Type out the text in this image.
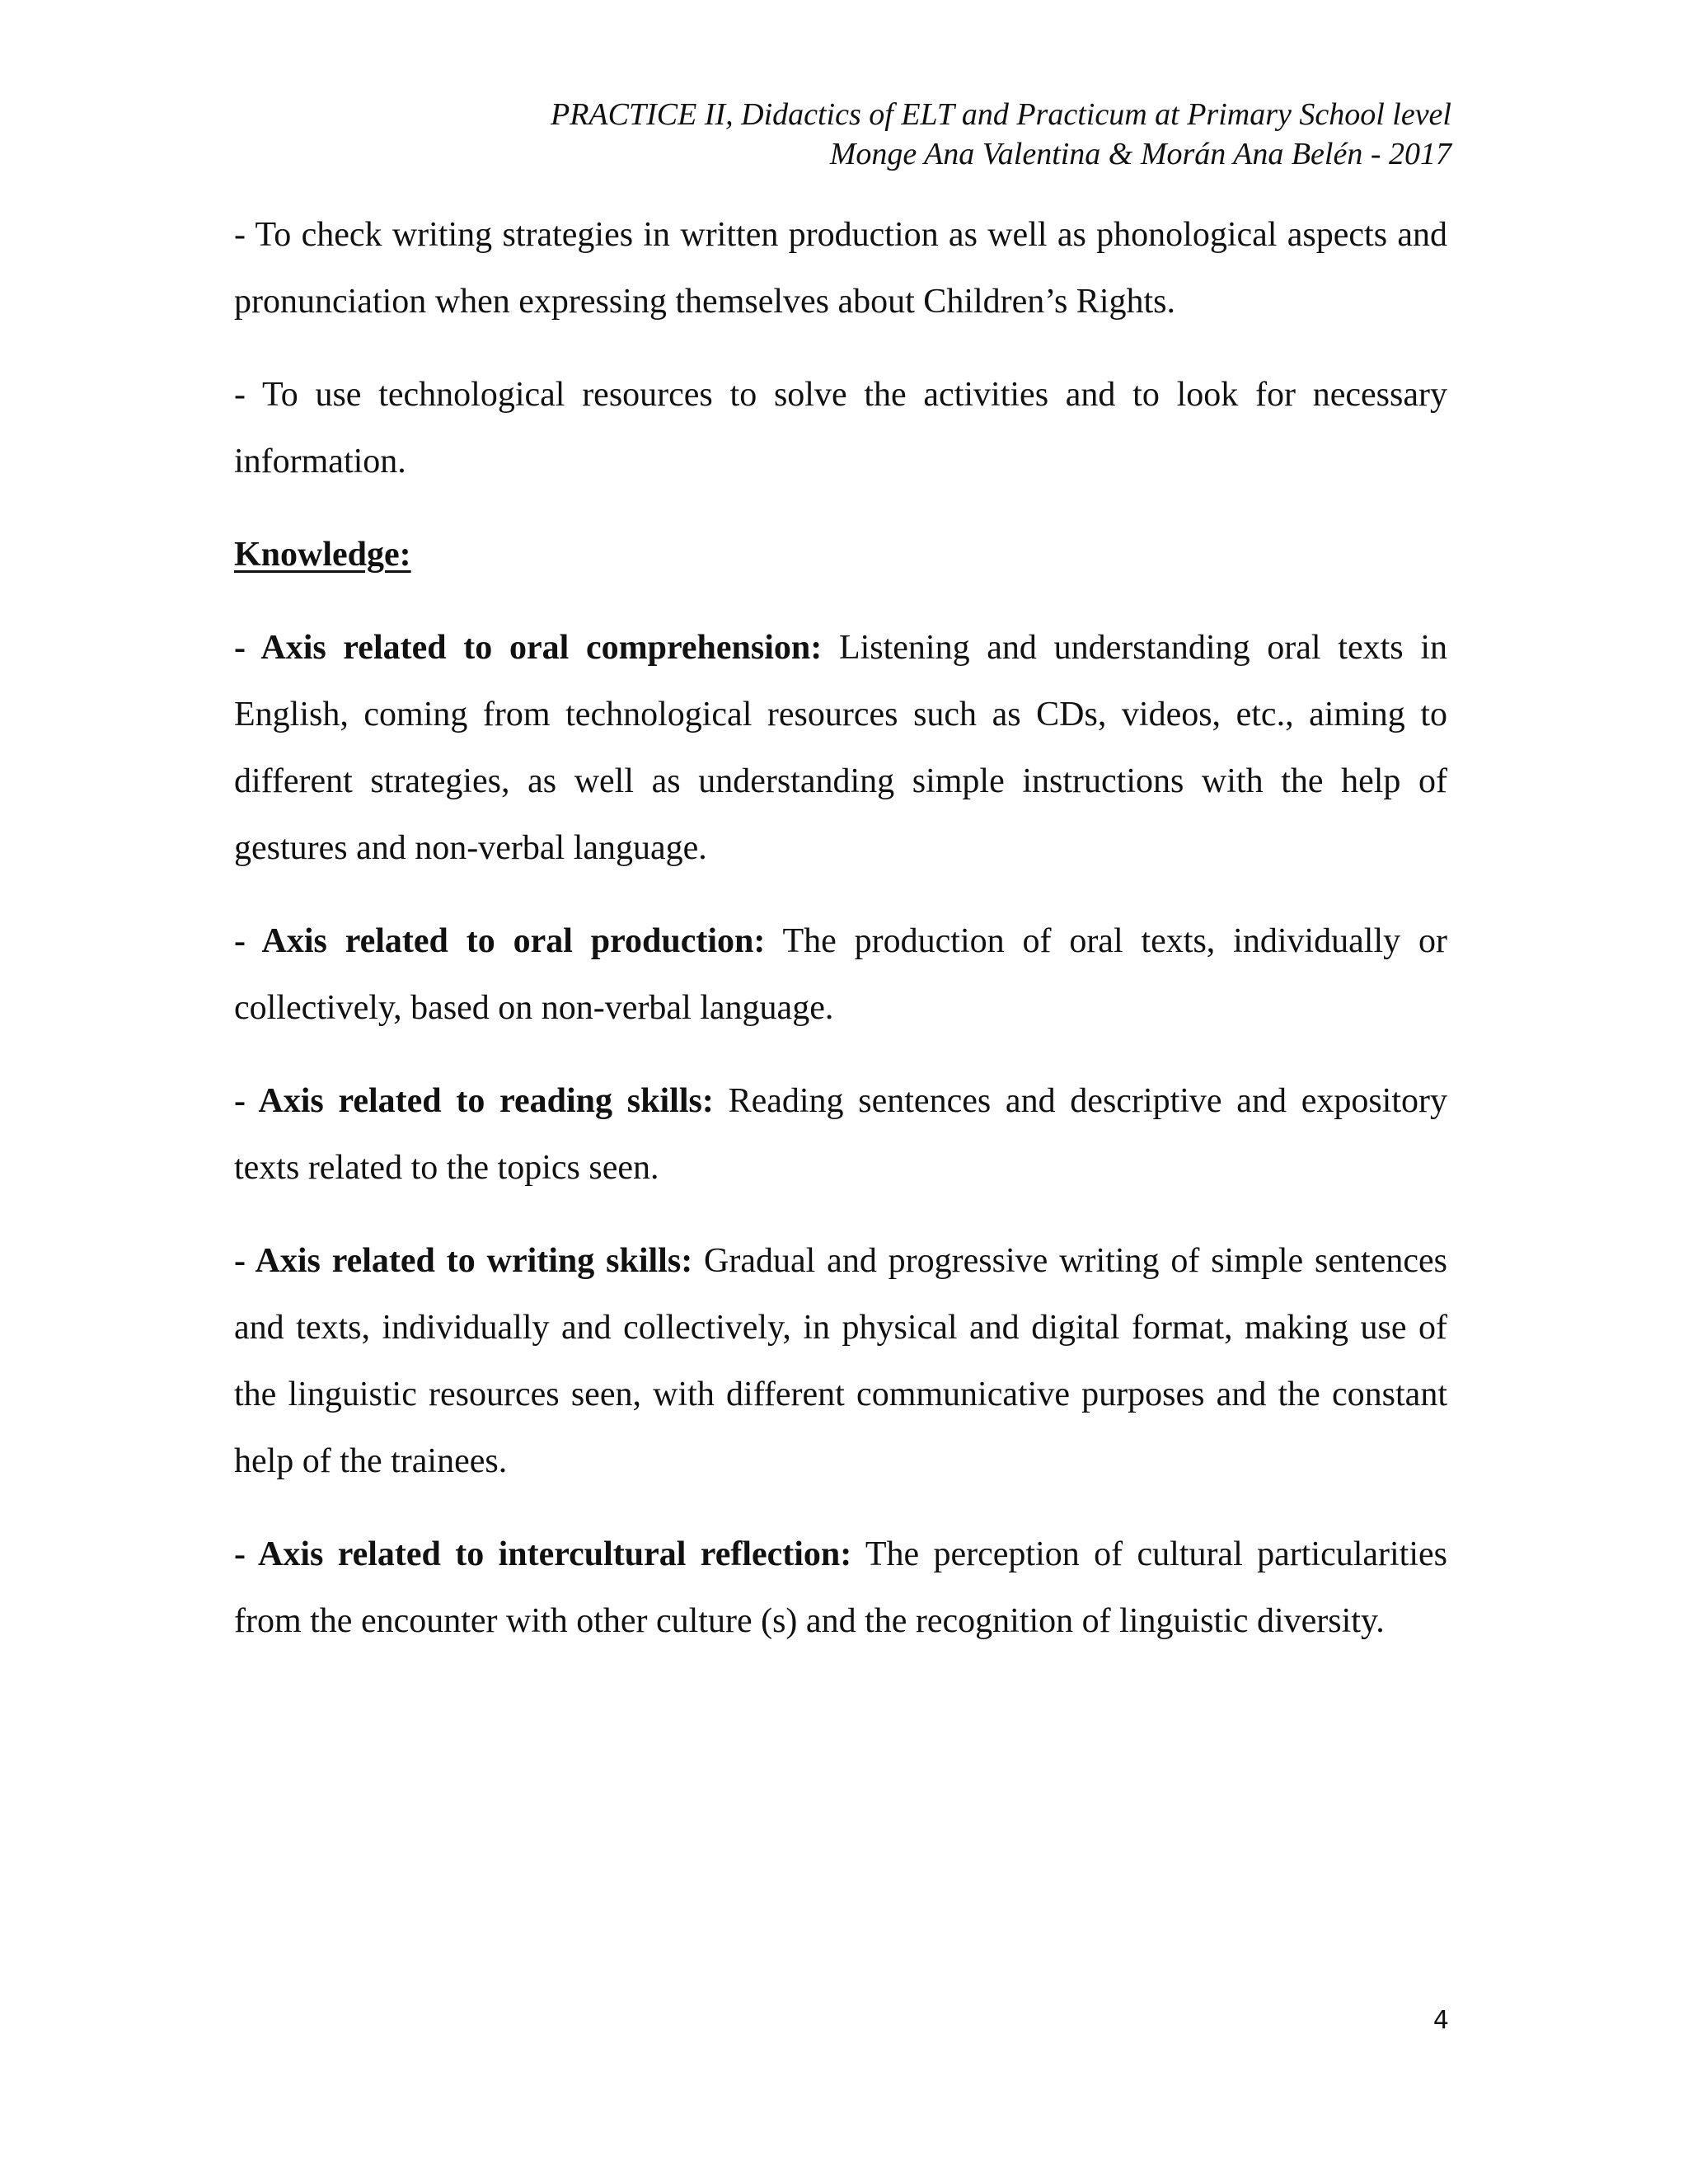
PRACTICE II, Didactics of ELT and Practicum at Primary School level
Monge Ana Valentina & Morán Ana Belén - 2017

- To check writing strategies in written production as well as phonological aspects and pronunciation when expressing themselves about Children’s Rights.

- To use technological resources to solve the activities and to look for necessary information.

Knowledge:

- Axis related to oral comprehension: Listening and understanding oral texts in English, coming from technological resources such as CDs, videos, etc., aiming to different strategies, as well as understanding simple instructions with the help of gestures and non-verbal language.

- Axis related to oral production: The production of oral texts, individually or collectively, based on non-verbal language.

- Axis related to reading skills: Reading sentences and descriptive and expository texts related to the topics seen.

- Axis related to writing skills: Gradual and progressive writing of simple sentences and texts, individually and collectively, in physical and digital format, making use of the linguistic resources seen, with different communicative purposes and the constant help of the trainees.

- Axis related to intercultural reflection: The perception of cultural particularities from the encounter with other culture (s) and the recognition of linguistic diversity.

4
